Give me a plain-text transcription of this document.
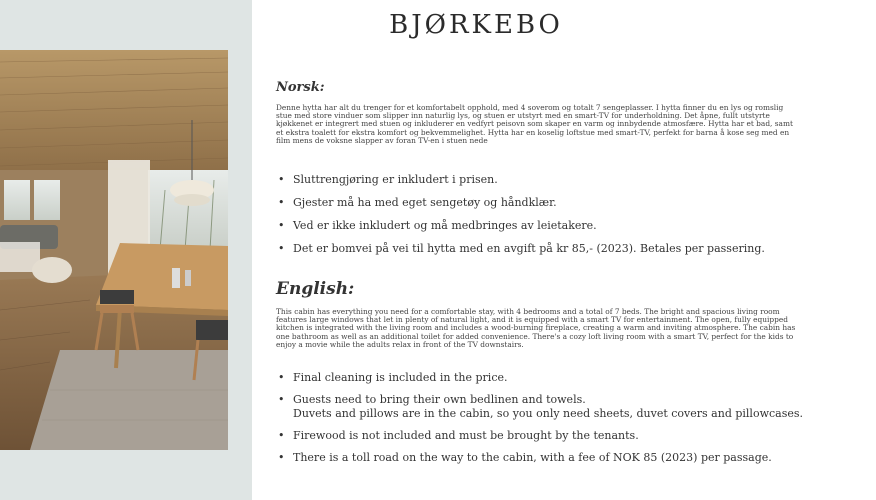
BJØRKEBO
Norsk:
Denne hytta har alt du trenger for et komfortabelt opphold, med 4 soverom og totalt 7 sengeplasser. I hytta finner du en lys og romslig stue med store vinduer som slipper inn naturlig lys, og stuen er utstyrt med en smart-TV for underholdning. Det åpne, fullt utstyrte kjøkkenet er integrert med stuen og inkluderer en vedfyrt peisovn som skaper en varm og innbydende atmosfære. Hytta har et bad, samt et ekstra toalett for ekstra komfort og bekvemmelighet. Hytta har en koselig loftstue med smart-TV, perfekt for barna å kose seg med en film mens de voksne slapper av foran TV-en i stuen nede
• Sluttrengjøring er inkludert i prisen.
• Gjester må ha med eget sengetøy og håndklær.
• Ved er ikke inkludert og må medbringes av leietakere.
• Det er bomvei på vei til hytta med en avgift på kr 85,- (2023). Betales per passering.
English:
This cabin has everything you need for a comfortable stay, with 4 bedrooms and a total of 7 beds. The bright and spacious living room features large windows that let in plenty of natural light, and it is equipped with a smart TV for entertainment. The open, fully equipped kitchen is integrated with the living room and includes a wood-burning fireplace, creating a warm and inviting atmosphere. The cabin has one bathroom as well as an additional toilet for added convenience. There's a cozy loft living room with a smart TV, perfect for the kids to enjoy a movie while the adults relax in front of the TV downstairs.
• Final cleaning is included in the price.
• Guests need to bring their own bedlinen and towels.
Duvets and pillows are in the cabin, so you only need sheets, duvet covers and pillowcases.
• Firewood is not included and must be brought by the tenants.
• There is a toll road on the way to the cabin, with a fee of NOK 85 (2023) per passage.
